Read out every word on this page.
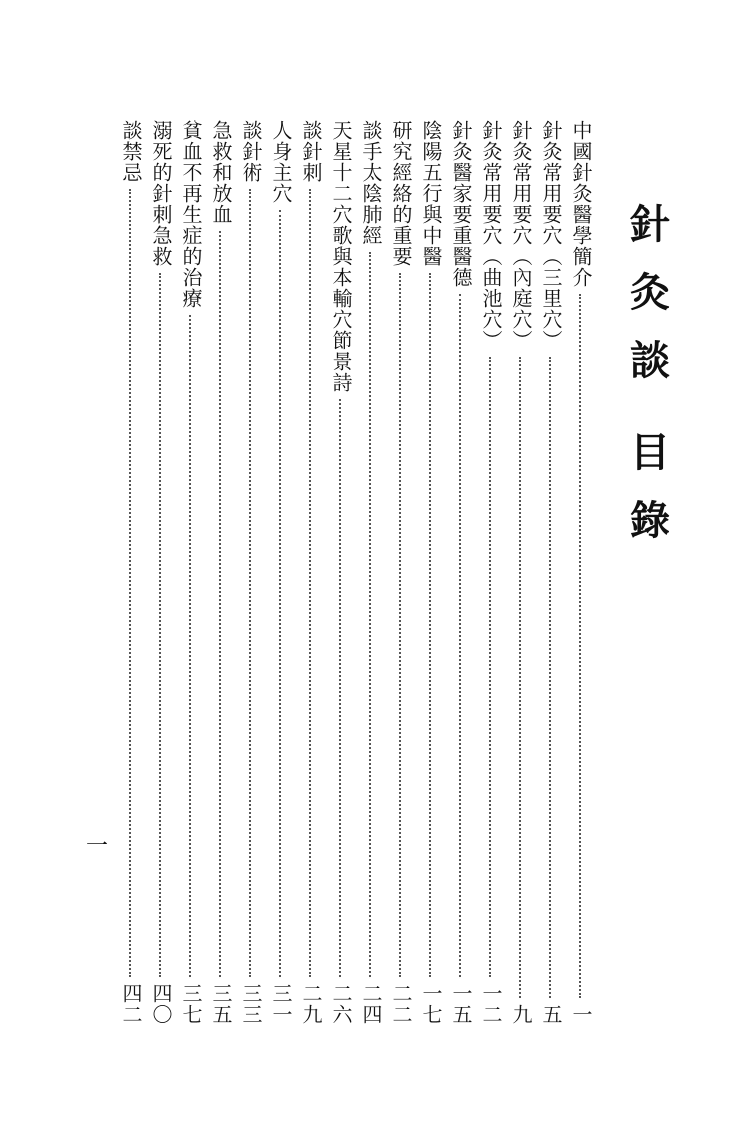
針
灸
談
目
錄
中國針灸醫學簡介
一
針灸常用要穴（三里穴）
五
針灸常用要穴（內庭穴）
九
針灸常用要穴（曲池穴）
一二
針灸醫家要重醫德
一五
陰陽五行與中醫
一七
研究經絡的重要
二二
談手太陰肺經
二四
天星十二穴歌與本輸穴節景詩
二六
談針刺
二九
人身主穴
三一
談針術
三三
急救和放血
三五
貧血不再生症的治療
三七
溺死的針刺急救
四〇
談禁忌
四二
一
